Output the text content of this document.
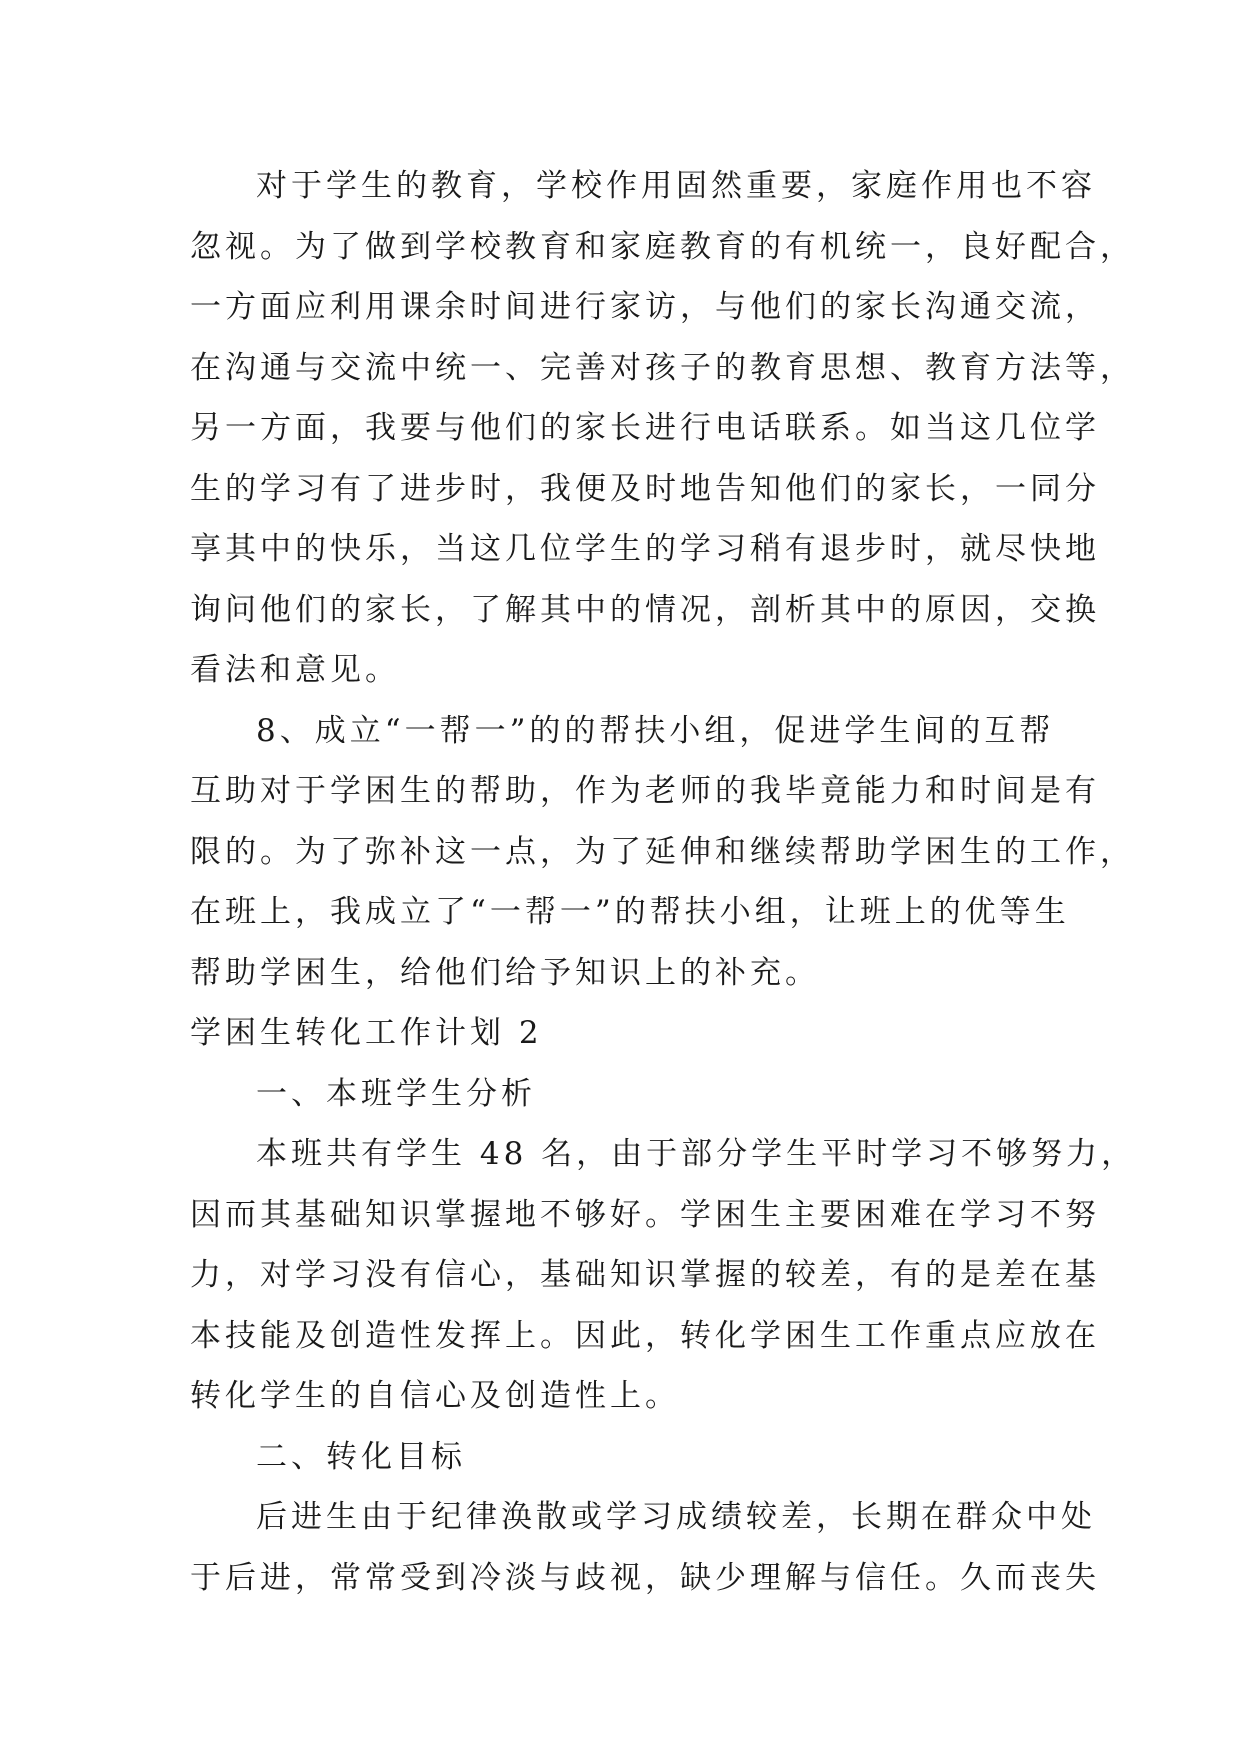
对于学生的教育，学校作用固然重要，家庭作用也不容
忽视。为了做到学校教育和家庭教育的有机统一，良好配合，
一方面应利用课余时间进行家访，与他们的家长沟通交流，
在沟通与交流中统一、完善对孩子的教育思想、教育方法等，
另一方面，我要与他们的家长进行电话联系。如当这几位学
生的学习有了进步时，我便及时地告知他们的家长，一同分
享其中的快乐，当这几位学生的学习稍有退步时，就尽快地
询问他们的家长，了解其中的情况，剖析其中的原因，交换
看法和意见。
8、成立“一帮一”的的帮扶小组，促进学生间的互帮
互助对于学困生的帮助，作为老师的我毕竟能力和时间是有
限的。为了弥补这一点，为了延伸和继续帮助学困生的工作，
在班上，我成立了“一帮一”的帮扶小组，让班上的优等生
帮助学困生，给他们给予知识上的补充。
学困生转化工作计划 2
一、本班学生分析
本班共有学生 48 名，由于部分学生平时学习不够努力，
因而其基础知识掌握地不够好。学困生主要困难在学习不努
力，对学习没有信心，基础知识掌握的较差，有的是差在基
本技能及创造性发挥上。因此，转化学困生工作重点应放在
转化学生的自信心及创造性上。
二、转化目标
后进生由于纪律涣散或学习成绩较差，长期在群众中处
于后进，常常受到冷淡与歧视，缺少理解与信任。久而丧失
